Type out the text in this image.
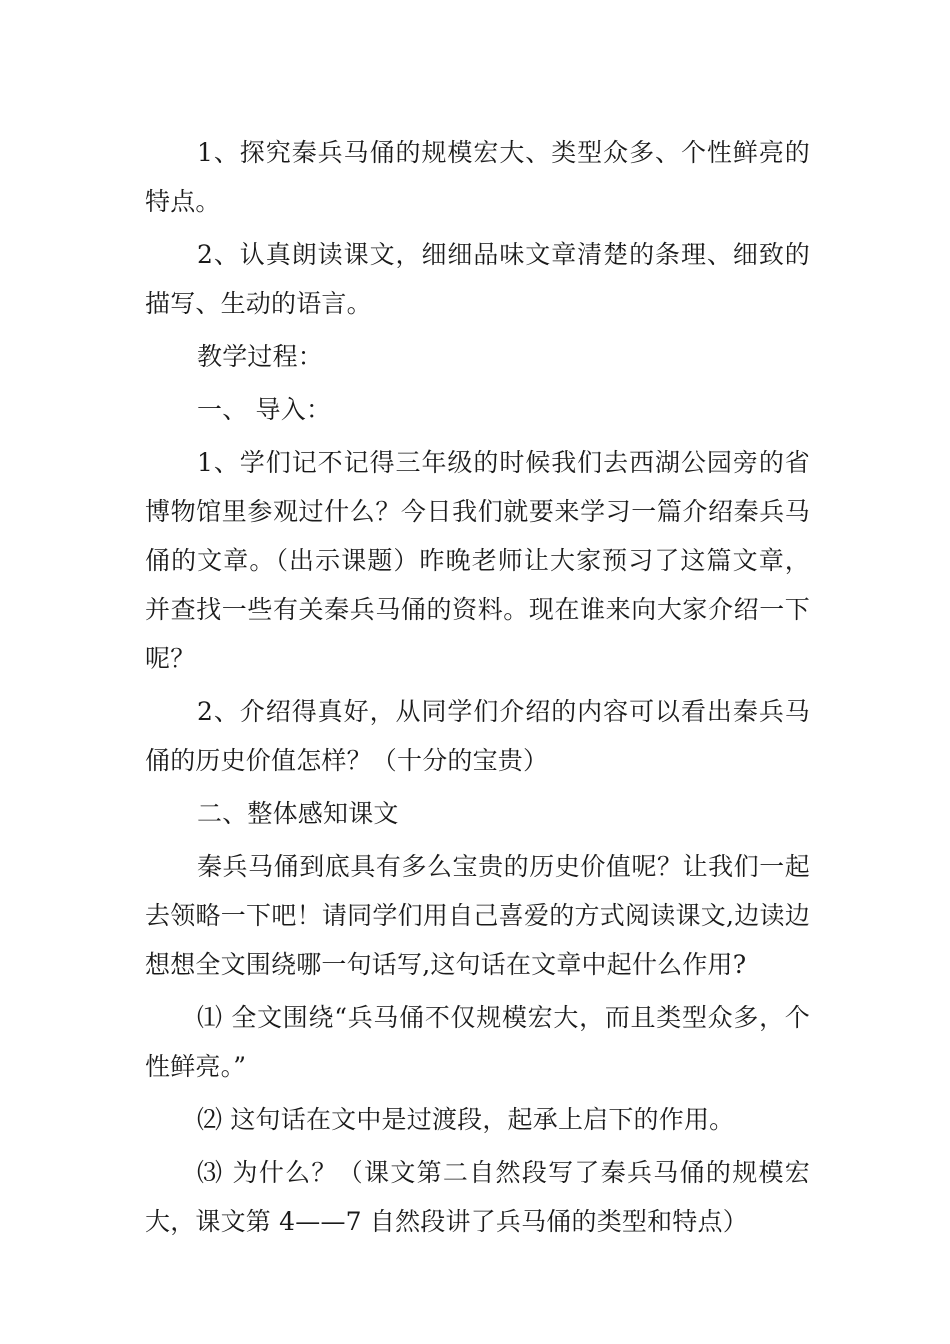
1、探究秦兵马俑的规模宏大、类型众多、个性鲜亮的特点。

2、认真朗读课文，细细品味文章清楚的条理、细致的描写、生动的语言。

教学过程：

一、 导入：

1、学们记不记得三年级的时候我们去西湖公园旁的省博物馆里参观过什么？今日我们就要来学习一篇介绍秦兵马俑的文章。（出示课题）昨晚老师让大家预习了这篇文章，并查找一些有关秦兵马俑的资料。现在谁来向大家介绍一下呢？

2、介绍得真好，从同学们介绍的内容可以看出秦兵马俑的历史价值怎样？（十分的宝贵）

二、整体感知课文

秦兵马俑到底具有多么宝贵的历史价值呢？让我们一起去领略一下吧！请同学们用自己喜爱的方式阅读课文,边读边想想全文围绕哪一句话写,这句话在文章中起什么作用?

⑴ 全文围绕“兵马俑不仅规模宏大，而且类型众多，个性鲜亮。”

⑵ 这句话在文中是过渡段，起承上启下的作用。

⑶ 为什么？（课文第二自然段写了秦兵马俑的规模宏大，课文第 4——7 自然段讲了兵马俑的类型和特点）
